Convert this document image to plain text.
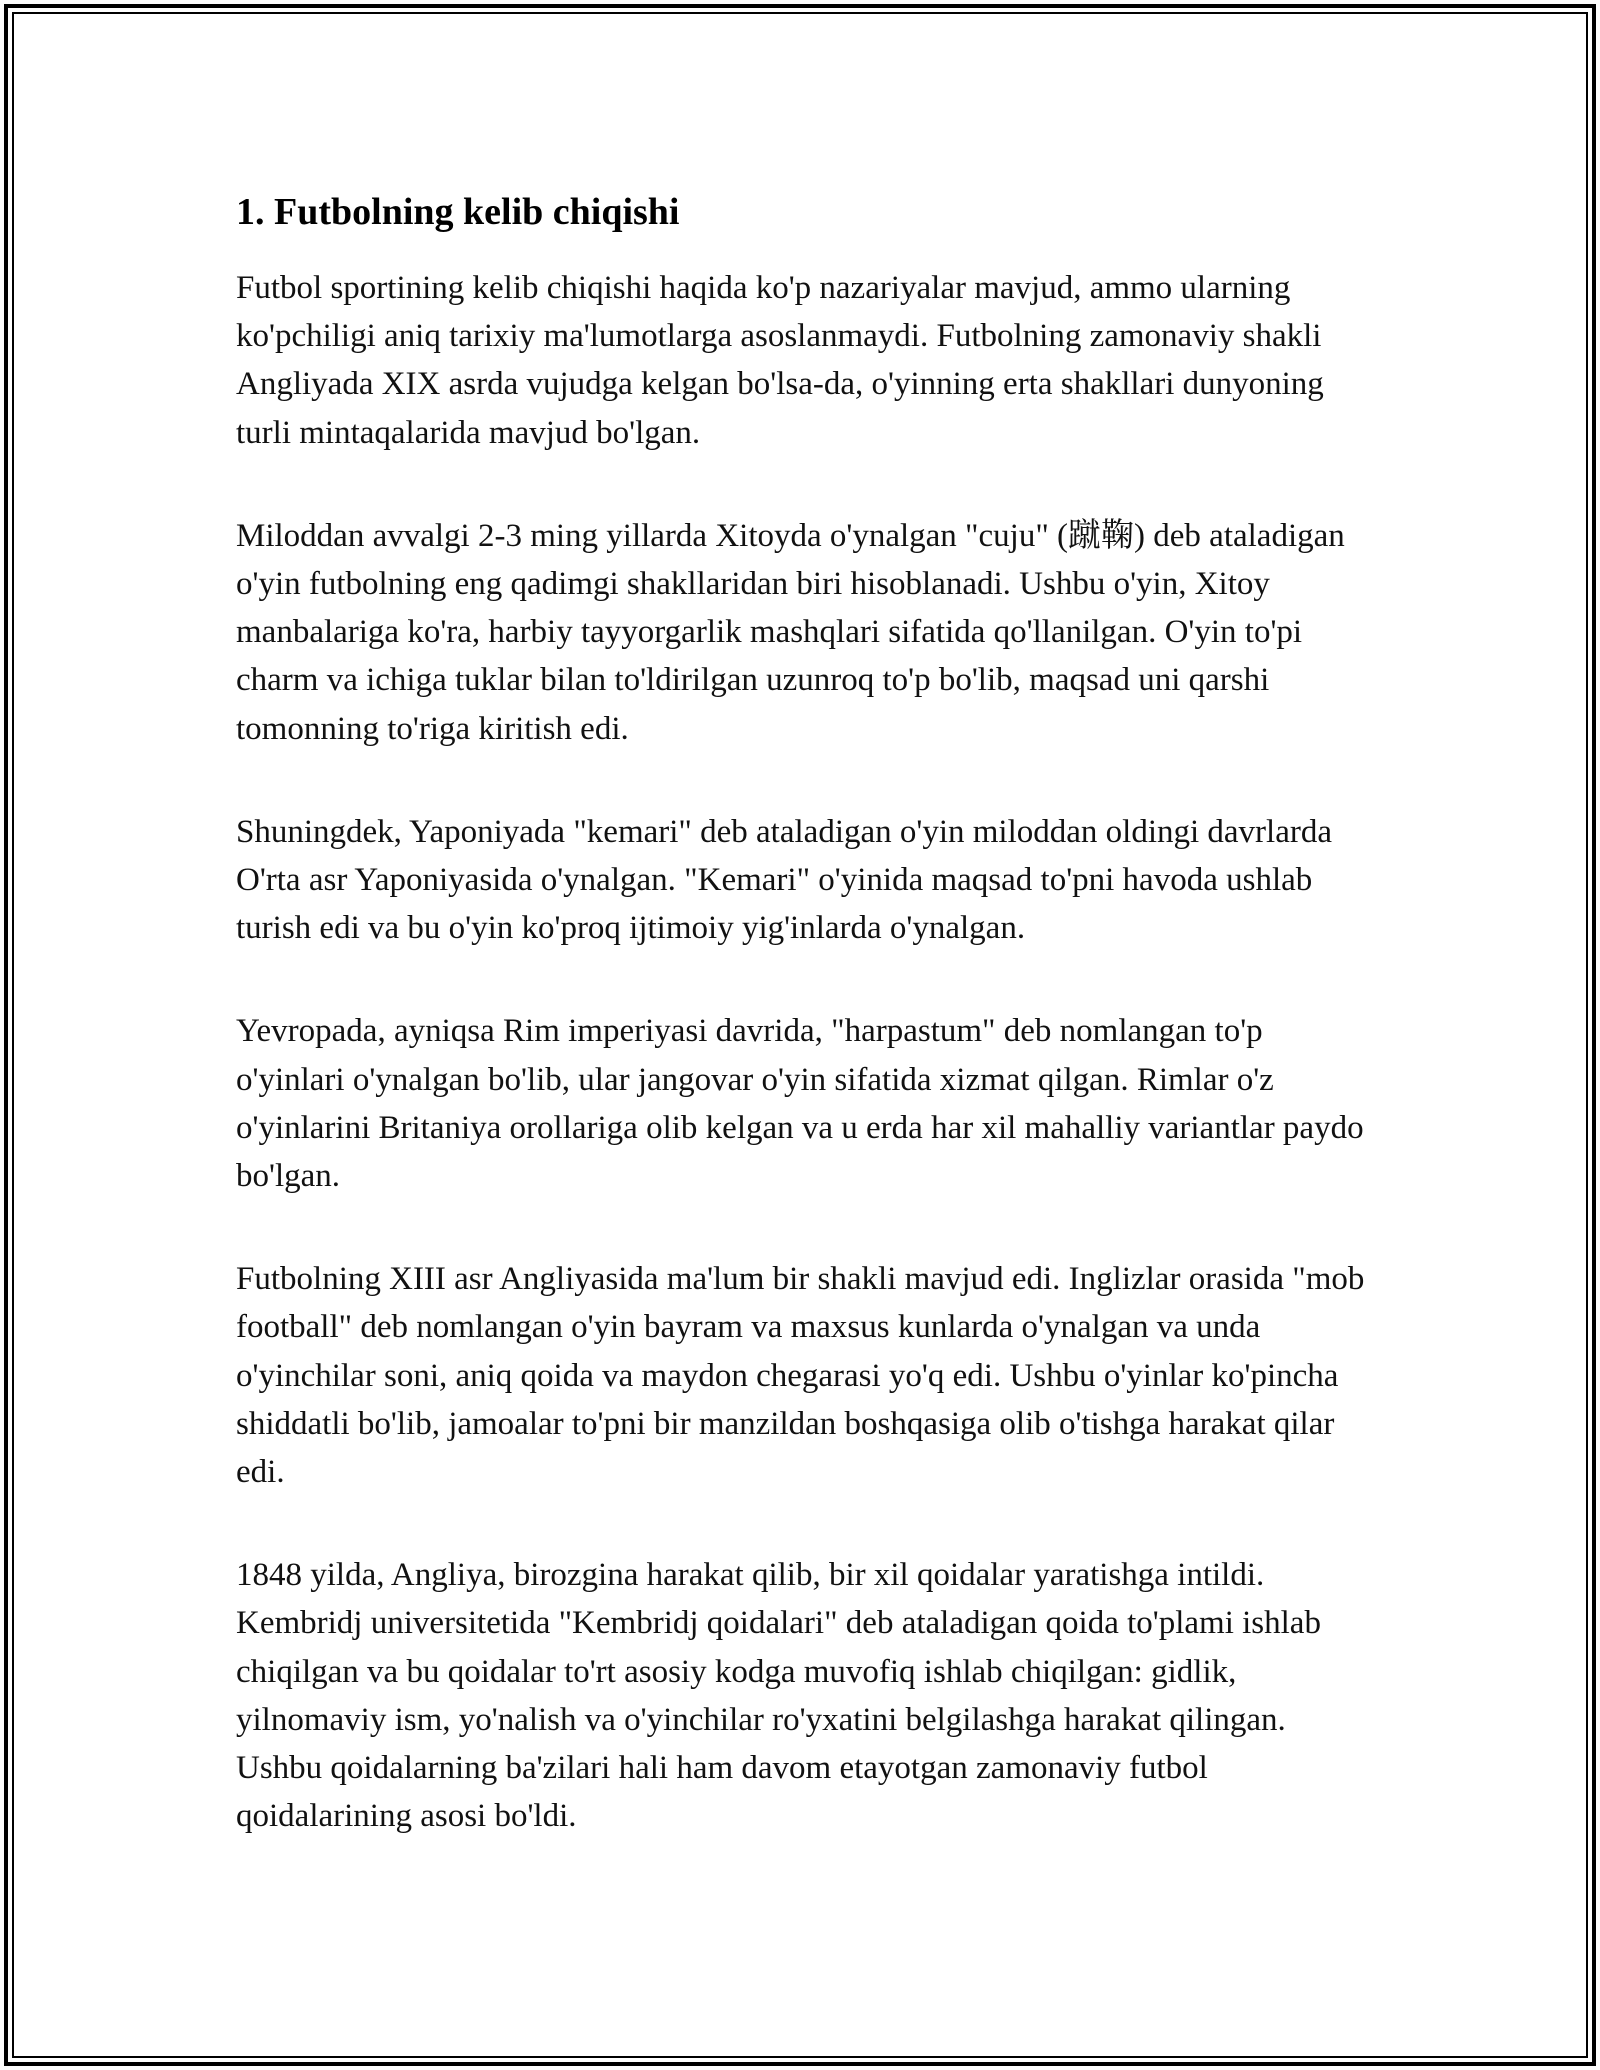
1. Futbolning kelib chiqishi

Futbol sportining kelib chiqishi haqida ko'p nazariyalar mavjud, ammo ularning ko'pchiligi aniq tarixiy ma'lumotlarga asoslanmaydi. Futbolning zamonaviy shakli Angliyada XIX asrda vujudga kelgan bo'lsa-da, o'yinning erta shakllari dunyoning turli mintaqalarida mavjud bo'lgan.

Miloddan avvalgi 2-3 ming yillarda Xitoyda o'ynalgan "cuju" (蹴鞠) deb ataladigan o'yin futbolning eng qadimgi shakllaridan biri hisoblanadi. Ushbu o'yin, Xitoy manbalariga ko'ra, harbiy tayyorgarlik mashqlari sifatida qo'llanilgan. O'yin to'pi charm va ichiga tuklar bilan to'ldirilgan uzunroq to'p bo'lib, maqsad uni qarshi tomonning to'riga kiritish edi.

Shuningdek, Yaponiyada "kemari" deb ataladigan o'yin miloddan oldingi davrlarda O'rta asr Yaponiyasida o'ynalgan. "Kemari" o'yinida maqsad to'pni havoda ushlab turish edi va bu o'yin ko'proq ijtimoiy yig'inlarda o'ynalgan.

Yevropada, ayniqsa Rim imperiyasi davrida, "harpastum" deb nomlangan to'p o'yinlari o'ynalgan bo'lib, ular jangovar o'yin sifatida xizmat qilgan. Rimlar o'z o'yinlarini Britaniya orollariga olib kelgan va u erda har xil mahalliy variantlar paydo bo'lgan.

Futbolning XIII asr Angliyasida ma'lum bir shakli mavjud edi. Inglizlar orasida "mob football" deb nomlangan o'yin bayram va maxsus kunlarda o'ynalgan va unda o'yinchilar soni, aniq qoida va maydon chegarasi yo'q edi. Ushbu o'yinlar ko'pincha shiddatli bo'lib, jamoalar to'pni bir manzildan boshqasiga olib o'tishga harakat qilar edi.

1848 yilda, Angliya, birozgina harakat qilib, bir xil qoidalar yaratishga intildi. Kembridj universitetida "Kembridj qoidalari" deb ataladigan qoida to'plami ishlab chiqilgan va bu qoidalar to'rt asosiy kodga muvofiq ishlab chiqilgan: gidlik, yilnomaviy ism, yo'nalish va o'yinchilar ro'yxatini belgilashga harakat qilingan. Ushbu qoidalarning ba'zilari hali ham davom etayotgan zamonaviy futbol qoidalarining asosi bo'ldi.
